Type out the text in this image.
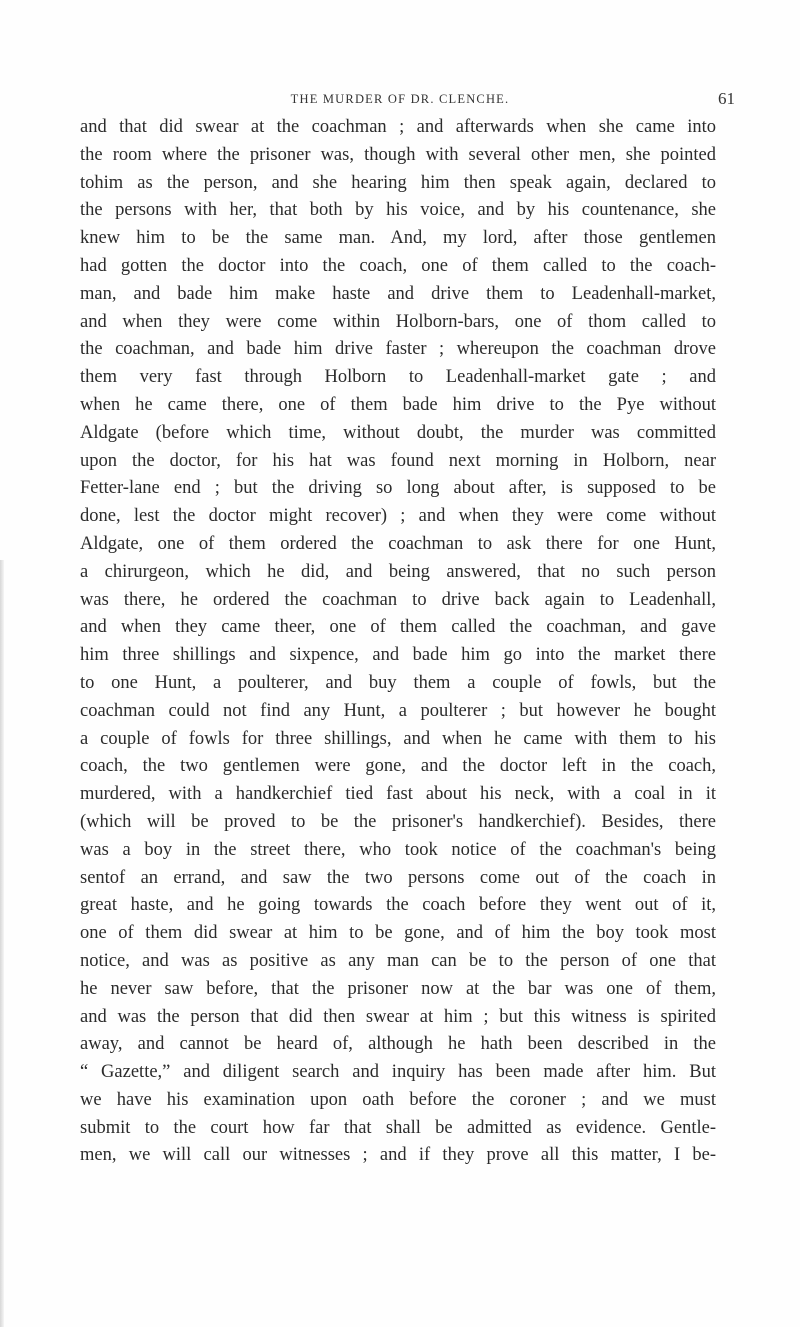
THE MURDER OF DR. CLENCHE.	61
and that did swear at the coachman ; and afterwards when she came into
the room where the prisoner was, though with several other men, she pointed
tohim as the person, and she hearing him then speak again, declared to
the persons with her, that both by his voice, and by his countenance, she
knew him to be the same man. And, my lord, after those gentlemen
had gotten the doctor into the coach, one of them called to the coach-
man, and bade him make haste and drive them to Leadenhall-market,
and when they were come within Holborn-bars, one of thom called to
the coachman, and bade him drive faster ; whereupon the coachman drove
them very fast through Holborn to Leadenhall-market gate ; and
when he came there, one of them bade him drive to the Pye without
Aldgate (before which time, without doubt, the murder was committed
upon the doctor, for his hat was found next morning in Holborn, near
Fetter-lane end ; but the driving so long about after, is supposed to be
done, lest the doctor might recover) ; and when they were come without
Aldgate, one of them ordered the coachman to ask there for one Hunt,
a chirurgeon, which he did, and being answered, that no such person
was there, he ordered the coachman to drive back again to Leadenhall,
and when they came theer, one of them called the coachman, and gave
him three shillings and sixpence, and bade him go into the market there
to one Hunt, a poulterer, and buy them a couple of fowls, but the
coachman could not find any Hunt, a poulterer ; but however he bought
a couple of fowls for three shillings, and when he came with them to his
coach, the two gentlemen were gone, and the doctor left in the coach,
murdered, with a handkerchief tied fast about his neck, with a coal in it
(which will be proved to be the prisoner's handkerchief). Besides, there
was a boy in the street there, who took notice of the coachman's being
sentof an errand, and saw the two persons come out of the coach in
great haste, and he going towards the coach before they went out of it,
one of them did swear at him to be gone, and of him the boy took most
notice, and was as positive as any man can be to the person of one that
he never saw before, that the prisoner now at the bar was one of them,
and was the person that did then swear at him ; but this witness is spirited
away, and cannot be heard of, although he hath been described in the
“ Gazette,” and diligent search and inquiry has been made after him. But
we have his examination upon oath before the coroner ; and we must
submit to the court how far that shall be admitted as evidence. Gentle-
men, we will call our witnesses ; and if they prove all this matter, I be-
